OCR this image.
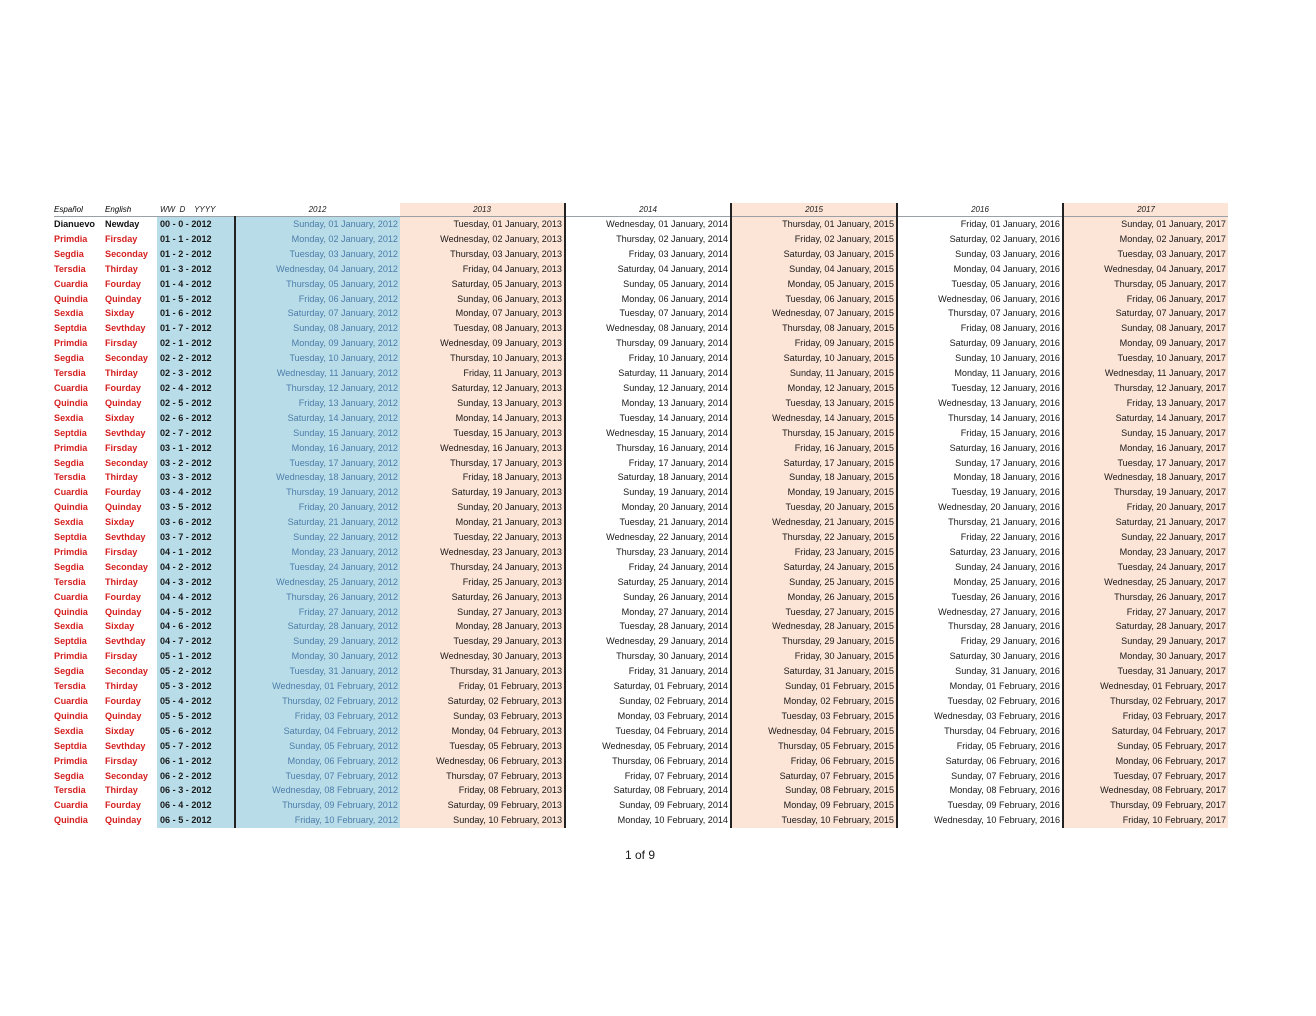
Español	English	WW  D    YYYY	2012	2013	2014	2015	2016	2017
Dianuevo	Newday	00 - 0 - 2012	Sunday, 01 January, 2012	Tuesday, 01 January, 2013	Wednesday, 01 January, 2014	Thursday, 01 January, 2015	Friday, 01 January, 2016	Sunday, 01 January, 2017
Primdia	Firsday	01 - 1 - 2012	Monday, 02 January, 2012	Wednesday, 02 January, 2013	Thursday, 02 January, 2014	Friday, 02 January, 2015	Saturday, 02 January, 2016	Monday, 02 January, 2017
Segdia	Seconday	01 - 2 - 2012	Tuesday, 03 January, 2012	Thursday, 03 January, 2013	Friday, 03 January, 2014	Saturday, 03 January, 2015	Sunday, 03 January, 2016	Tuesday, 03 January, 2017
Tersdia	Thirday	01 - 3 - 2012	Wednesday, 04 January, 2012	Friday, 04 January, 2013	Saturday, 04 January, 2014	Sunday, 04 January, 2015	Monday, 04 January, 2016	Wednesday, 04 January, 2017
Cuardia	Fourday	01 - 4 - 2012	Thursday, 05 January, 2012	Saturday, 05 January, 2013	Sunday, 05 January, 2014	Monday, 05 January, 2015	Tuesday, 05 January, 2016	Thursday, 05 January, 2017
Quindia	Quinday	01 - 5 - 2012	Friday, 06 January, 2012	Sunday, 06 January, 2013	Monday, 06 January, 2014	Tuesday, 06 January, 2015	Wednesday, 06 January, 2016	Friday, 06 January, 2017
Sexdia	Sixday	01 - 6 - 2012	Saturday, 07 January, 2012	Monday, 07 January, 2013	Tuesday, 07 January, 2014	Wednesday, 07 January, 2015	Thursday, 07 January, 2016	Saturday, 07 January, 2017
Septdia	Sevthday	01 - 7 - 2012	Sunday, 08 January, 2012	Tuesday, 08 January, 2013	Wednesday, 08 January, 2014	Thursday, 08 January, 2015	Friday, 08 January, 2016	Sunday, 08 January, 2017
Primdia	Firsday	02 - 1 - 2012	Monday, 09 January, 2012	Wednesday, 09 January, 2013	Thursday, 09 January, 2014	Friday, 09 January, 2015	Saturday, 09 January, 2016	Monday, 09 January, 2017
Segdia	Seconday	02 - 2 - 2012	Tuesday, 10 January, 2012	Thursday, 10 January, 2013	Friday, 10 January, 2014	Saturday, 10 January, 2015	Sunday, 10 January, 2016	Tuesday, 10 January, 2017
Tersdia	Thirday	02 - 3 - 2012	Wednesday, 11 January, 2012	Friday, 11 January, 2013	Saturday, 11 January, 2014	Sunday, 11 January, 2015	Monday, 11 January, 2016	Wednesday, 11 January, 2017
Cuardia	Fourday	02 - 4 - 2012	Thursday, 12 January, 2012	Saturday, 12 January, 2013	Sunday, 12 January, 2014	Monday, 12 January, 2015	Tuesday, 12 January, 2016	Thursday, 12 January, 2017
Quindia	Quinday	02 - 5 - 2012	Friday, 13 January, 2012	Sunday, 13 January, 2013	Monday, 13 January, 2014	Tuesday, 13 January, 2015	Wednesday, 13 January, 2016	Friday, 13 January, 2017
Sexdia	Sixday	02 - 6 - 2012	Saturday, 14 January, 2012	Monday, 14 January, 2013	Tuesday, 14 January, 2014	Wednesday, 14 January, 2015	Thursday, 14 January, 2016	Saturday, 14 January, 2017
Septdia	Sevthday	02 - 7 - 2012	Sunday, 15 January, 2012	Tuesday, 15 January, 2013	Wednesday, 15 January, 2014	Thursday, 15 January, 2015	Friday, 15 January, 2016	Sunday, 15 January, 2017
Primdia	Firsday	03 - 1 - 2012	Monday, 16 January, 2012	Wednesday, 16 January, 2013	Thursday, 16 January, 2014	Friday, 16 January, 2015	Saturday, 16 January, 2016	Monday, 16 January, 2017
Segdia	Seconday	03 - 2 - 2012	Tuesday, 17 January, 2012	Thursday, 17 January, 2013	Friday, 17 January, 2014	Saturday, 17 January, 2015	Sunday, 17 January, 2016	Tuesday, 17 January, 2017
Tersdia	Thirday	03 - 3 - 2012	Wednesday, 18 January, 2012	Friday, 18 January, 2013	Saturday, 18 January, 2014	Sunday, 18 January, 2015	Monday, 18 January, 2016	Wednesday, 18 January, 2017
Cuardia	Fourday	03 - 4 - 2012	Thursday, 19 January, 2012	Saturday, 19 January, 2013	Sunday, 19 January, 2014	Monday, 19 January, 2015	Tuesday, 19 January, 2016	Thursday, 19 January, 2017
Quindia	Quinday	03 - 5 - 2012	Friday, 20 January, 2012	Sunday, 20 January, 2013	Monday, 20 January, 2014	Tuesday, 20 January, 2015	Wednesday, 20 January, 2016	Friday, 20 January, 2017
Sexdia	Sixday	03 - 6 - 2012	Saturday, 21 January, 2012	Monday, 21 January, 2013	Tuesday, 21 January, 2014	Wednesday, 21 January, 2015	Thursday, 21 January, 2016	Saturday, 21 January, 2017
Septdia	Sevthday	03 - 7 - 2012	Sunday, 22 January, 2012	Tuesday, 22 January, 2013	Wednesday, 22 January, 2014	Thursday, 22 January, 2015	Friday, 22 January, 2016	Sunday, 22 January, 2017
Primdia	Firsday	04 - 1 - 2012	Monday, 23 January, 2012	Wednesday, 23 January, 2013	Thursday, 23 January, 2014	Friday, 23 January, 2015	Saturday, 23 January, 2016	Monday, 23 January, 2017
Segdia	Seconday	04 - 2 - 2012	Tuesday, 24 January, 2012	Thursday, 24 January, 2013	Friday, 24 January, 2014	Saturday, 24 January, 2015	Sunday, 24 January, 2016	Tuesday, 24 January, 2017
Tersdia	Thirday	04 - 3 - 2012	Wednesday, 25 January, 2012	Friday, 25 January, 2013	Saturday, 25 January, 2014	Sunday, 25 January, 2015	Monday, 25 January, 2016	Wednesday, 25 January, 2017
Cuardia	Fourday	04 - 4 - 2012	Thursday, 26 January, 2012	Saturday, 26 January, 2013	Sunday, 26 January, 2014	Monday, 26 January, 2015	Tuesday, 26 January, 2016	Thursday, 26 January, 2017
Quindia	Quinday	04 - 5 - 2012	Friday, 27 January, 2012	Sunday, 27 January, 2013	Monday, 27 January, 2014	Tuesday, 27 January, 2015	Wednesday, 27 January, 2016	Friday, 27 January, 2017
Sexdia	Sixday	04 - 6 - 2012	Saturday, 28 January, 2012	Monday, 28 January, 2013	Tuesday, 28 January, 2014	Wednesday, 28 January, 2015	Thursday, 28 January, 2016	Saturday, 28 January, 2017
Septdia	Sevthday	04 - 7 - 2012	Sunday, 29 January, 2012	Tuesday, 29 January, 2013	Wednesday, 29 January, 2014	Thursday, 29 January, 2015	Friday, 29 January, 2016	Sunday, 29 January, 2017
Primdia	Firsday	05 - 1 - 2012	Monday, 30 January, 2012	Wednesday, 30 January, 2013	Thursday, 30 January, 2014	Friday, 30 January, 2015	Saturday, 30 January, 2016	Monday, 30 January, 2017
Segdia	Seconday	05 - 2 - 2012	Tuesday, 31 January, 2012	Thursday, 31 January, 2013	Friday, 31 January, 2014	Saturday, 31 January, 2015	Sunday, 31 January, 2016	Tuesday, 31 January, 2017
Tersdia	Thirday	05 - 3 - 2012	Wednesday, 01 February, 2012	Friday, 01 February, 2013	Saturday, 01 February, 2014	Sunday, 01 February, 2015	Monday, 01 February, 2016	Wednesday, 01 February, 2017
Cuardia	Fourday	05 - 4 - 2012	Thursday, 02 February, 2012	Saturday, 02 February, 2013	Sunday, 02 February, 2014	Monday, 02 February, 2015	Tuesday, 02 February, 2016	Thursday, 02 February, 2017
Quindia	Quinday	05 - 5 - 2012	Friday, 03 February, 2012	Sunday, 03 February, 2013	Monday, 03 February, 2014	Tuesday, 03 February, 2015	Wednesday, 03 February, 2016	Friday, 03 February, 2017
Sexdia	Sixday	05 - 6 - 2012	Saturday, 04 February, 2012	Monday, 04 February, 2013	Tuesday, 04 February, 2014	Wednesday, 04 February, 2015	Thursday, 04 February, 2016	Saturday, 04 February, 2017
Septdia	Sevthday	05 - 7 - 2012	Sunday, 05 February, 2012	Tuesday, 05 February, 2013	Wednesday, 05 February, 2014	Thursday, 05 February, 2015	Friday, 05 February, 2016	Sunday, 05 February, 2017
Primdia	Firsday	06 - 1 - 2012	Monday, 06 February, 2012	Wednesday, 06 February, 2013	Thursday, 06 February, 2014	Friday, 06 February, 2015	Saturday, 06 February, 2016	Monday, 06 February, 2017
Segdia	Seconday	06 - 2 - 2012	Tuesday, 07 February, 2012	Thursday, 07 February, 2013	Friday, 07 February, 2014	Saturday, 07 February, 2015	Sunday, 07 February, 2016	Tuesday, 07 February, 2017
Tersdia	Thirday	06 - 3 - 2012	Wednesday, 08 February, 2012	Friday, 08 February, 2013	Saturday, 08 February, 2014	Sunday, 08 February, 2015	Monday, 08 February, 2016	Wednesday, 08 February, 2017
Cuardia	Fourday	06 - 4 - 2012	Thursday, 09 February, 2012	Saturday, 09 February, 2013	Sunday, 09 February, 2014	Monday, 09 February, 2015	Tuesday, 09 February, 2016	Thursday, 09 February, 2017
Quindia	Quinday	06 - 5 - 2012	Friday, 10 February, 2012	Sunday, 10 February, 2013	Monday, 10 February, 2014	Tuesday, 10 February, 2015	Wednesday, 10 February, 2016	Friday, 10 February, 2017
1 of 9
